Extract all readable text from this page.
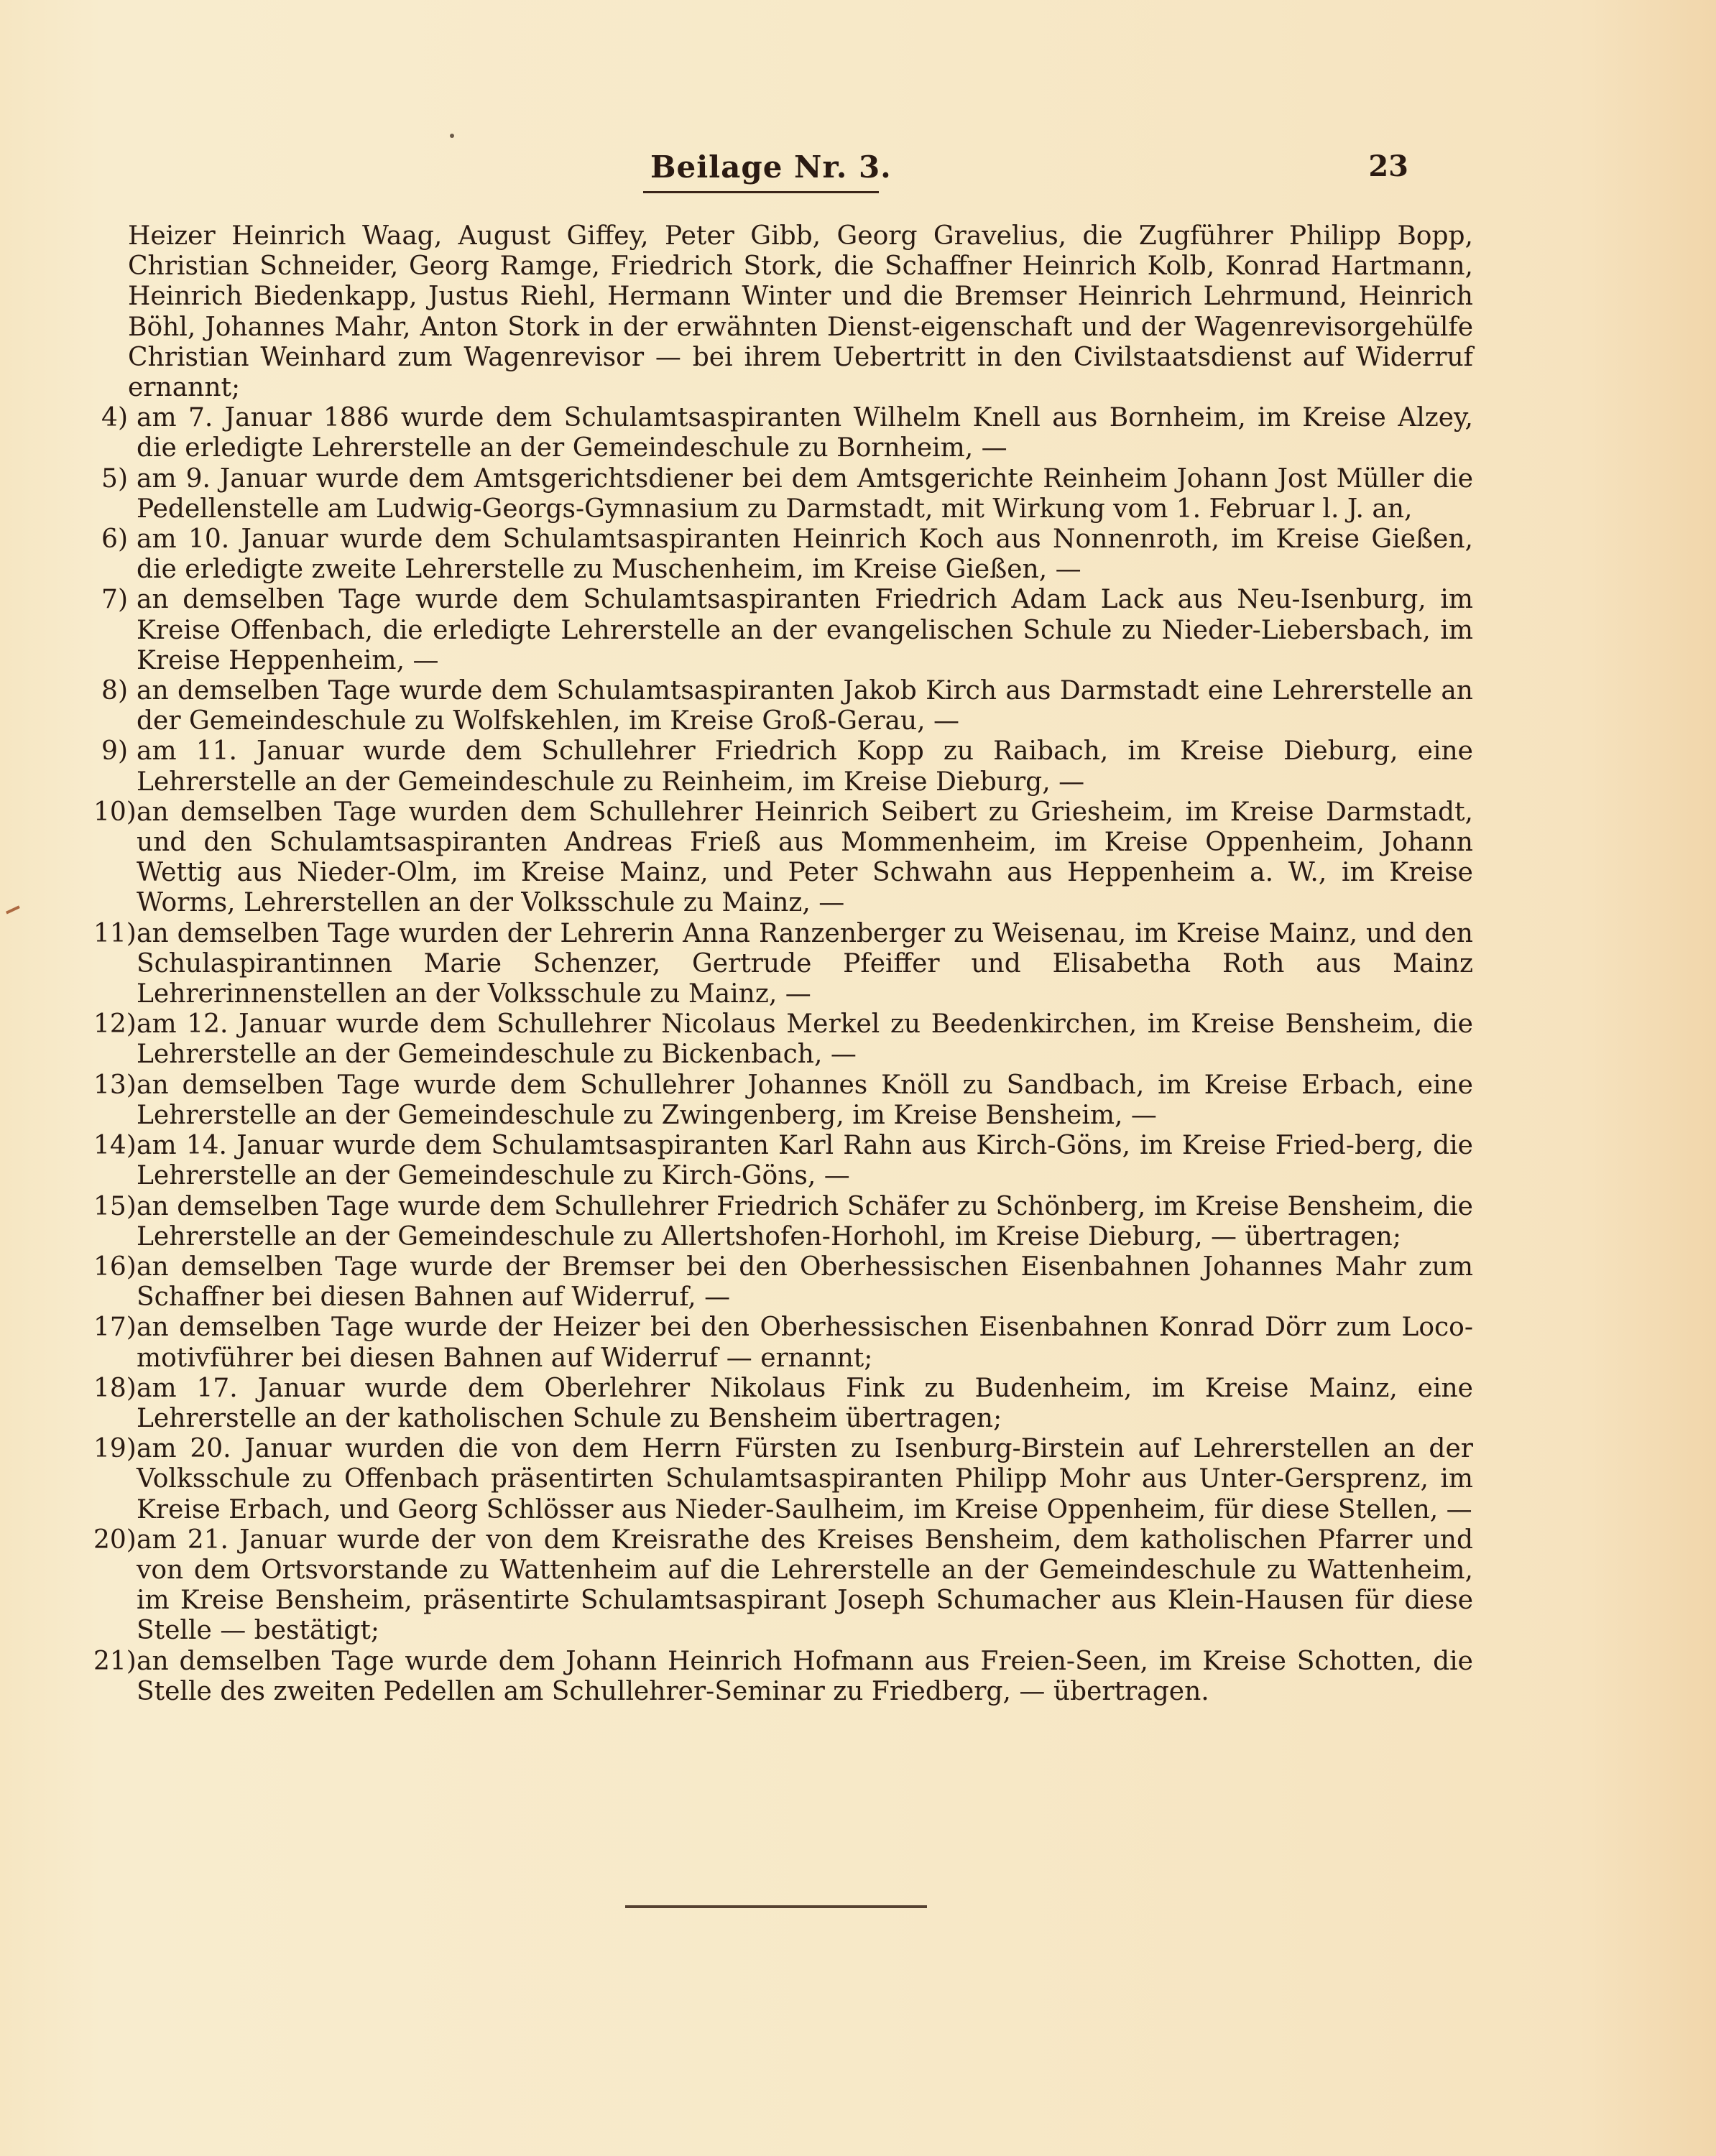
Beilage Nr. 3.	23

Heizer Heinrich Waag, August Giffey, Peter Gibb, Georg Gravelius, die Zugführer Philipp Bopp, Christian Schneider, Georg Ramge, Friedrich Stork, die Schaffner Heinrich Kolb, Konrad Hartmann, Heinrich Biedenkapp, Justus Riehl, Hermann Winter und die Bremser Heinrich Lehrmund, Heinrich Böhl, Johannes Mahr, Anton Stork in der erwähnten Dienst-eigenschaft und der Wagenrevisorgehülfe Christian Weinhard zum Wagenrevisor — bei ihrem Uebertritt in den Civilstaatsdienst auf Widerruf ernannt;

4) am 7. Januar 1886 wurde dem Schulamtsaspiranten Wilhelm Knell aus Bornheim, im Kreise Alzey, die erledigte Lehrerstelle an der Gemeindeschule zu Bornheim, —
5) am 9. Januar wurde dem Amtsgerichtsdiener bei dem Amtsgerichte Reinheim Johann Jost Müller die Pedellenstelle am Ludwig-Georgs-Gymnasium zu Darmstadt, mit Wirkung vom 1. Februar l. J. an,
6) am 10. Januar wurde dem Schulamtsaspiranten Heinrich Koch aus Nonnenroth, im Kreise Gießen, die erledigte zweite Lehrerstelle zu Muschenheim, im Kreise Gießen, —
7) an demselben Tage wurde dem Schulamtsaspiranten Friedrich Adam Lack aus Neu-Isenburg, im Kreise Offenbach, die erledigte Lehrerstelle an der evangelischen Schule zu Nieder-Liebersbach, im Kreise Heppenheim, —
8) an demselben Tage wurde dem Schulamtsaspiranten Jakob Kirch aus Darmstadt eine Lehrerstelle an der Gemeindeschule zu Wolfskehlen, im Kreise Groß-Gerau, —
9) am 11. Januar wurde dem Schullehrer Friedrich Kopp zu Raibach, im Kreise Dieburg, eine Lehrerstelle an der Gemeindeschule zu Reinheim, im Kreise Dieburg, —
10) an demselben Tage wurden dem Schullehrer Heinrich Seibert zu Griesheim, im Kreise Darmstadt, und den Schulamtsaspiranten Andreas Frieß aus Mommenheim, im Kreise Oppenheim, Johann Wettig aus Nieder-Olm, im Kreise Mainz, und Peter Schwahn aus Heppenheim a. W., im Kreise Worms, Lehrerstellen an der Volksschule zu Mainz, —
11) an demselben Tage wurden der Lehrerin Anna Ranzenberger zu Weisenau, im Kreise Mainz, und den Schulaspirantinnen Marie Schenzer, Gertrude Pfeiffer und Elisabetha Roth aus Mainz Lehrerinnenstellen an der Volksschule zu Mainz, —
12) am 12. Januar wurde dem Schullehrer Nicolaus Merkel zu Beedenkirchen, im Kreise Bensheim, die Lehrerstelle an der Gemeindeschule zu Bickenbach, —
13) an demselben Tage wurde dem Schullehrer Johannes Knöll zu Sandbach, im Kreise Erbach, eine Lehrerstelle an der Gemeindeschule zu Zwingenberg, im Kreise Bensheim, —
14) am 14. Januar wurde dem Schulamtsaspiranten Karl Rahn aus Kirch-Göns, im Kreise Fried-berg, die Lehrerstelle an der Gemeindeschule zu Kirch-Göns, —
15) an demselben Tage wurde dem Schullehrer Friedrich Schäfer zu Schönberg, im Kreise Bensheim, die Lehrerstelle an der Gemeindeschule zu Allertshofen-Horhohl, im Kreise Dieburg, — übertragen;
16) an demselben Tage wurde der Bremser bei den Oberhessischen Eisenbahnen Johannes Mahr zum Schaffner bei diesen Bahnen auf Widerruf, —
17) an demselben Tage wurde der Heizer bei den Oberhessischen Eisenbahnen Konrad Dörr zum Loco-motivführer bei diesen Bahnen auf Widerruf — ernannt;
18) am 17. Januar wurde dem Oberlehrer Nikolaus Fink zu Budenheim, im Kreise Mainz, eine Lehrerstelle an der katholischen Schule zu Bensheim übertragen;
19) am 20. Januar wurden die von dem Herrn Fürsten zu Isenburg-Birstein auf Lehrerstellen an der Volksschule zu Offenbach präsentirten Schulamtsaspiranten Philipp Mohr aus Unter-Gersprenz, im Kreise Erbach, und Georg Schlösser aus Nieder-Saulheim, im Kreise Oppenheim, für diese Stellen, —
20) am 21. Januar wurde der von dem Kreisrathe des Kreises Bensheim, dem katholischen Pfarrer und von dem Ortsvorstande zu Wattenheim auf die Lehrerstelle an der Gemeindeschule zu Wattenheim, im Kreise Bensheim, präsentirte Schulamtsaspirant Joseph Schumacher aus Klein-Hausen für diese Stelle — bestätigt;
21) an demselben Tage wurde dem Johann Heinrich Hofmann aus Freien-Seen, im Kreise Schotten, die Stelle des zweiten Pedellen am Schullehrer-Seminar zu Friedberg, — übertragen.
